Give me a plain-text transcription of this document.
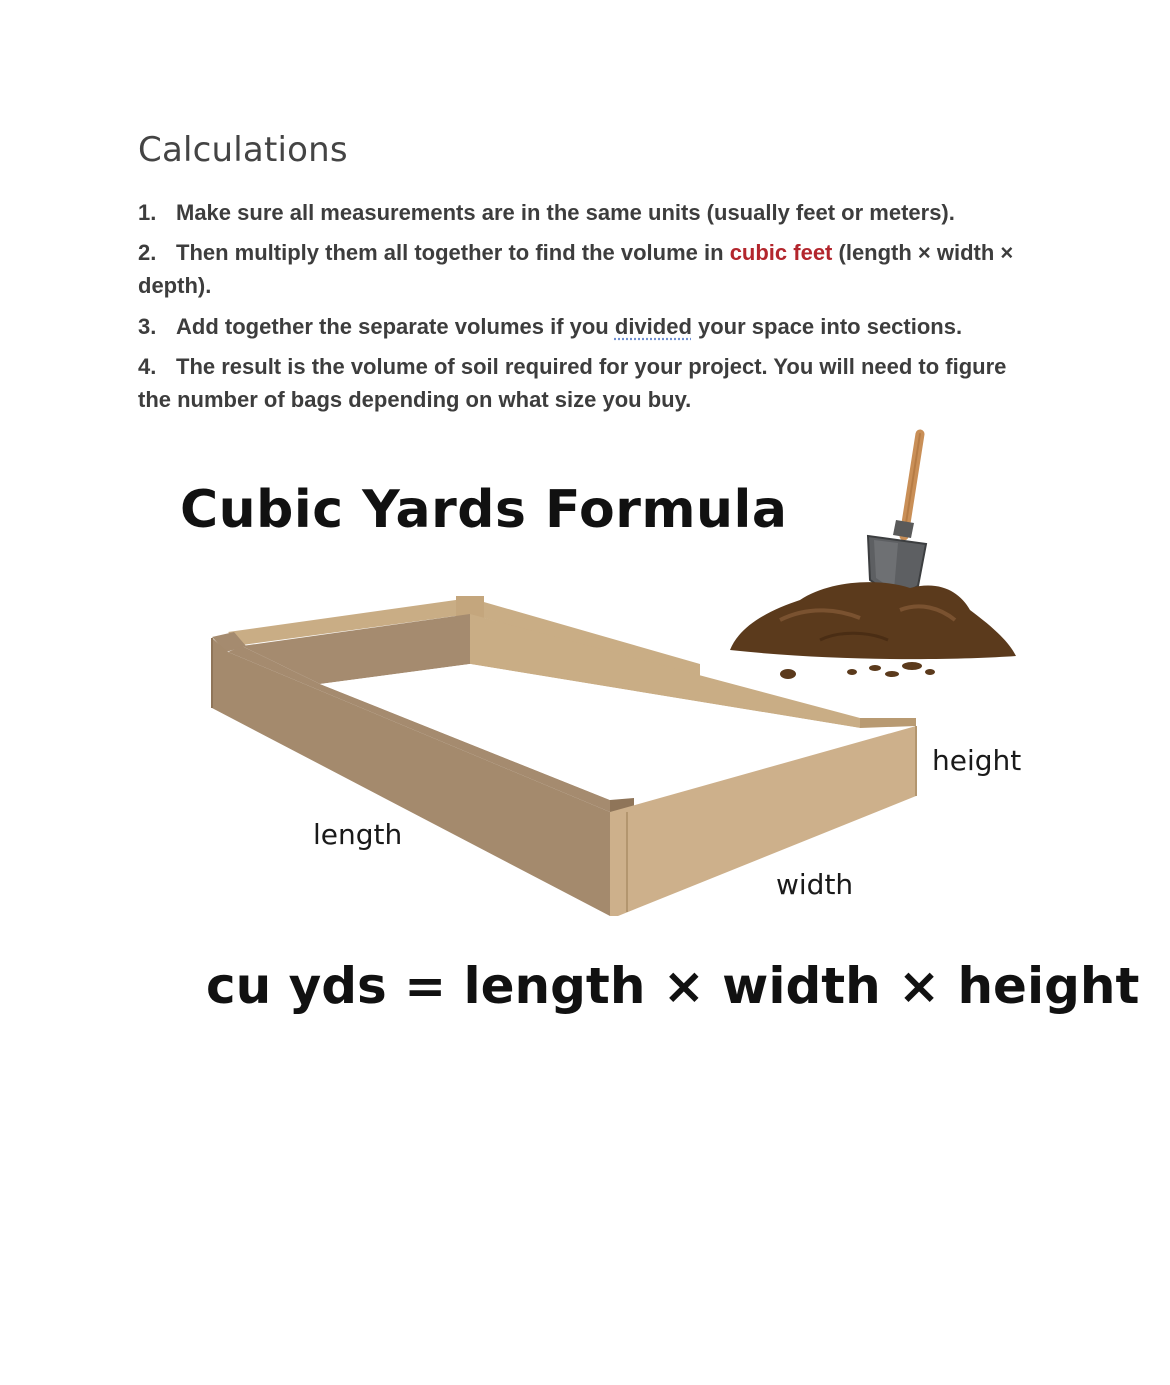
Calculations
1. Make sure all measurements are in the same units (usually feet or meters).
2. Then multiply them all together to find the volume in cubic feet (length × width × depth).
3. Add together the separate volumes if you divided your space into sections.
4. The result is the volume of soil required for your project. You will need to figure the number of bags depending on what size you buy.
Cubic Yards Formula
height
length
width

cu yds = length × width × height
